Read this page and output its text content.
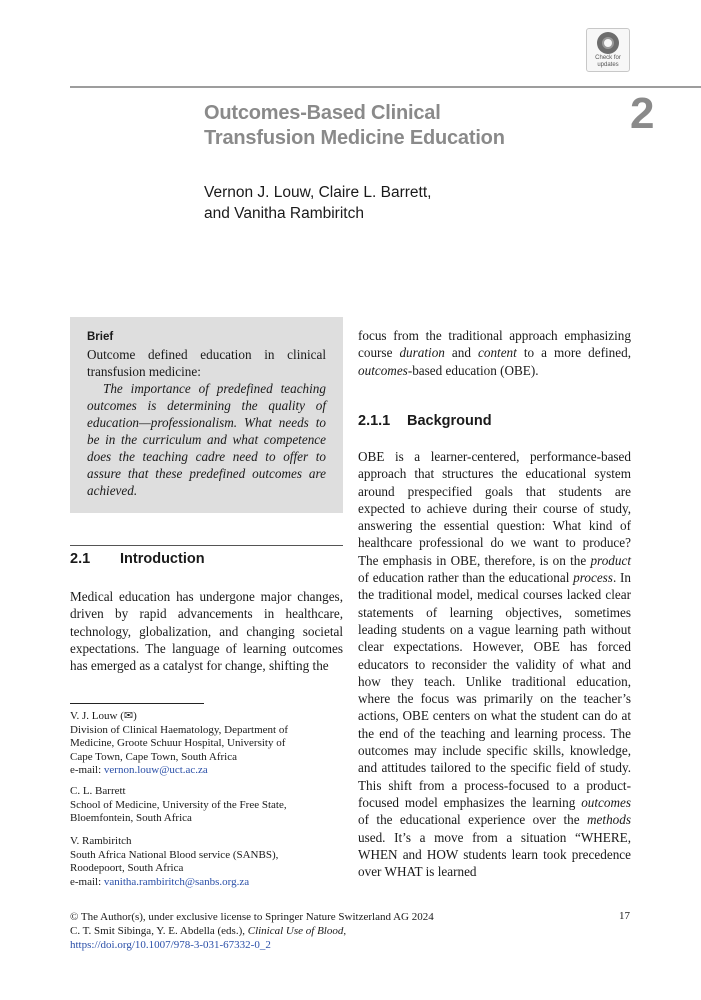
Check for
updates
2
Outcomes-Based Clinical
Transfusion Medicine Education
Vernon J. Louw, Claire L. Barrett,
and Vanitha Rambiritch
Brief

Outcome defined education in clinical transfusion medicine:

The importance of predefined teaching outcomes is determining the quality of education—professionalism. What needs to be in the curriculum and what competence does the teaching cadre need to offer to assure that these predefined outcomes are achieved.

2.1 Introduction

Medical education has undergone major changes, driven by rapid advancements in healthcare, technology, globalization, and changing societal expectations. The language of learning outcomes has emerged as a catalyst for change, shifting the

V. J. Louw (✉)
Division of Clinical Haematology, Department of
Medicine, Groote Schuur Hospital, University of
Cape Town, Cape Town, South Africa
e-mail: vernon.louw@uct.ac.za
C. L. Barrett
School of Medicine, University of the Free State,
Bloemfontein, South Africa
V. Rambiritch
South Africa National Blood service (SANBS),
Roodepoort, South Africa
e-mail: vanitha.rambiritch@sanbs.org.za

focus from the traditional approach emphasizing course duration and content to a more defined, outcomes-based education (OBE).

2.1.1 Background

OBE is a learner-centered, performance-based approach that structures the educational system around prespecified goals that students are expected to achieve during their course of study, answering the essential question: What kind of healthcare professional do we want to produce? The emphasis in OBE, therefore, is on the product of education rather than the educational process. In the traditional model, medical courses lacked clear statements of learning objectives, sometimes leading students on a vague learning path without clear expectations. However, OBE has forced educators to reconsider the validity of what and how they teach. Unlike traditional education, where the focus was primarily on the teacher’s actions, OBE centers on what the student can do at the end of the teaching and learning process. The outcomes may include specific skills, knowledge, and attitudes tailored to the specific field of study. This shift from a process-focused to a product-focused model emphasizes the learning outcomes of the educational experience over the methods used. It’s a move from a situation “WHERE, WHEN and HOW students learn took precedence over WHAT is learned

© The Author(s), under exclusive license to Springer Nature Switzerland AG 2024
C. T. Smit Sibinga, Y. E. Abdella (eds.), Clinical Use of Blood,
https://doi.org/10.1007/978-3-031-67332-0_2
17
